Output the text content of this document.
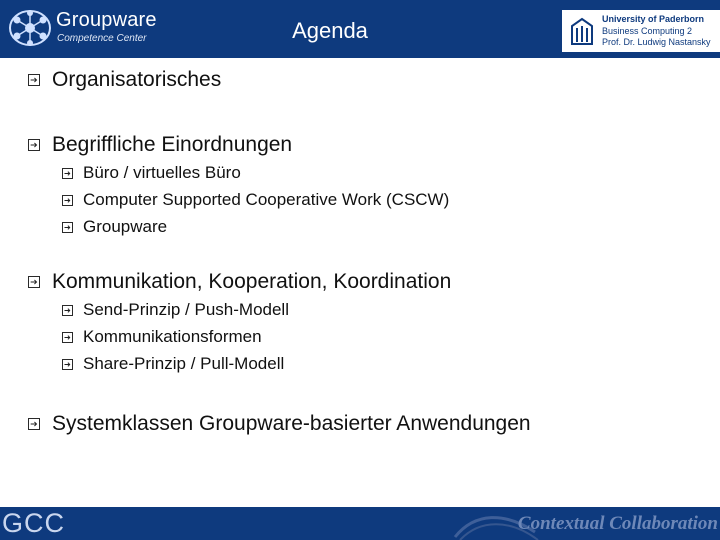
Groupware
Competence Center	Agenda	University of Paderborn
Business Computing 2
Prof. Dr. Ludwig Nastansky
Organisatorisches
Begriffliche Einordnungen
Büro / virtuelles Büro
Computer Supported Cooperative Work (CSCW)
Groupware
Kommunikation, Kooperation, Koordination
Send-Prinzip / Push-Modell
Kommunikationsformen
Share-Prinzip / Pull-Modell
Systemklassen Groupware-basierter Anwendungen
GCC	Contextual Collaboration
